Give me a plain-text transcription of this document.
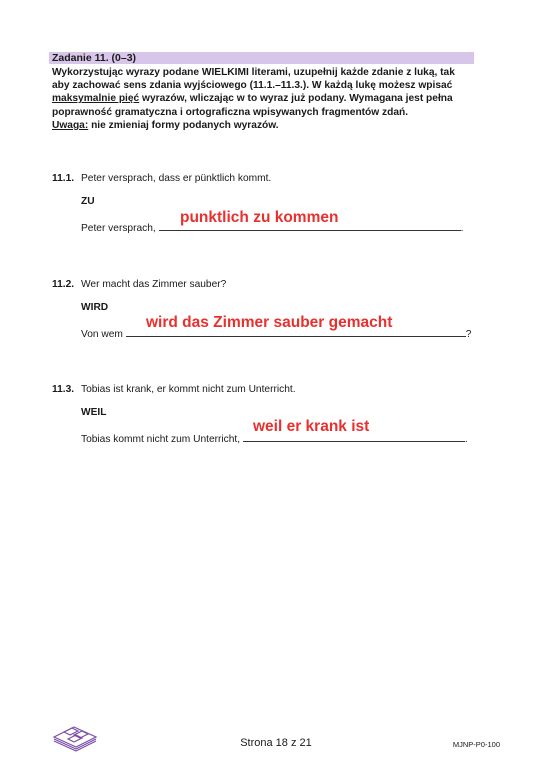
Zadanie 11. (0–3)

Wykorzystując wyrazy podane WIELKIMI literami, uzupełnij każde zdanie z luką, tak

aby zachować sens zdania wyjściowego (11.1.–11.3.). W każdą lukę możesz wpisać

maksymalnie pięć wyrazów, wliczając w to wyraz już podany. Wymagana jest pełna

poprawność gramatyczna i ortograficzna wpisywanych fragmentów zdań.

Uwaga: nie zmieniaj formy podanych wyrazów.

11.1. Peter versprach, dass er pünktlich kommt.
ZU
Peter versprach,	.
punktlich zu kommen
11.2. Wer macht das Zimmer sauber?
WIRD
Von wem	?
wird das Zimmer sauber gemacht
11.3. Tobias ist krank, er kommt nicht zum Unterricht.
WEIL
Tobias kommt nicht zum Unterricht,	.
weil er krank ist
Strona 18 z 21	MJNP-P0-100
